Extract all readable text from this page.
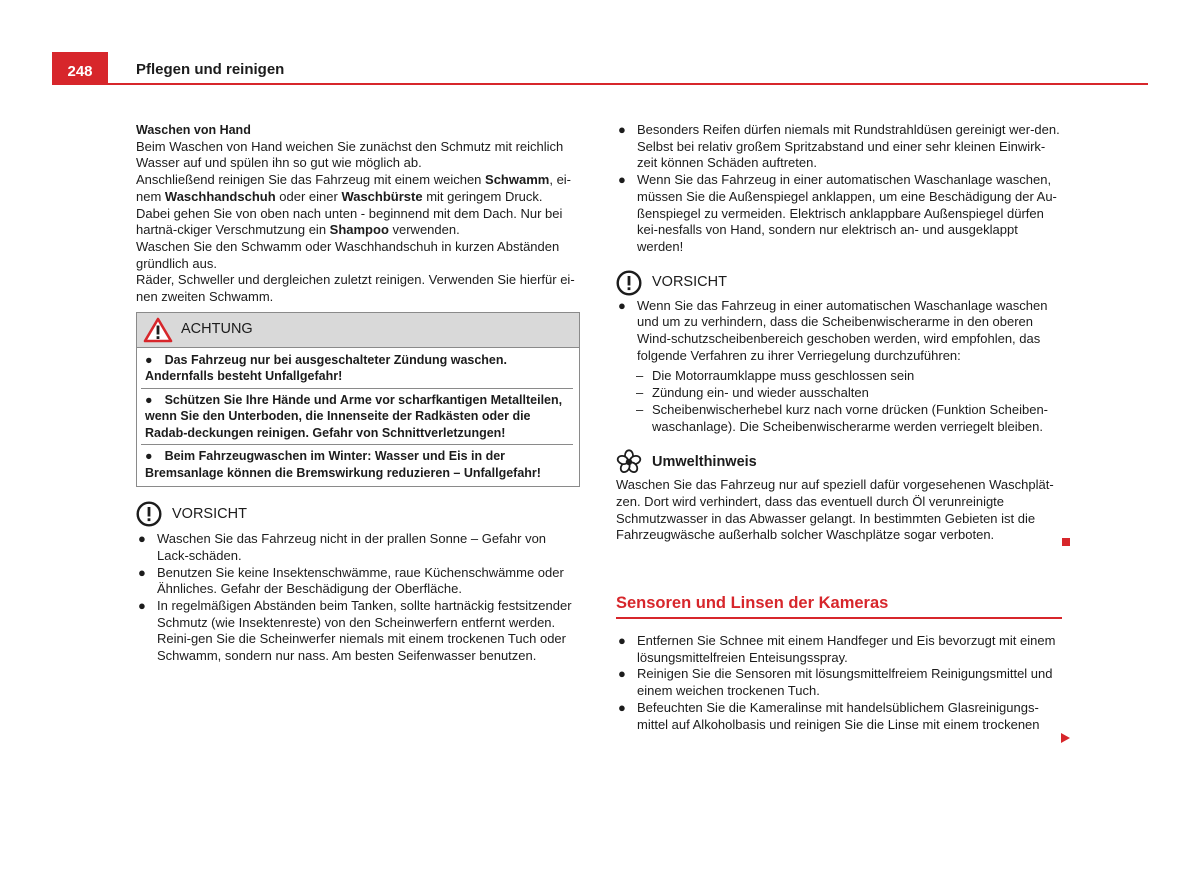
248	Pflegen und reinigen

Waschen von Hand

Beim Waschen von Hand weichen Sie zunächst den Schmutz mit reichlich Wasser auf und spülen ihn so gut wie möglich ab.

Anschließend reinigen Sie das Fahrzeug mit einem weichen Schwamm, ei-nem Waschhandschuh oder einer Waschbürste mit geringem Druck. Dabei gehen Sie von oben nach unten - beginnend mit dem Dach. Nur bei hartnä-ckiger Verschmutzung ein Shampoo verwenden.

Waschen Sie den Schwamm oder Waschhandschuh in kurzen Abständen gründlich aus.

Räder, Schweller und dergleichen zuletzt reinigen. Verwenden Sie hierfür ei-nen zweiten Schwamm.

ACHTUNG
● Das Fahrzeug nur bei ausgeschalteter Zündung waschen. Andernfalls besteht Unfallgefahr!
● Schützen Sie Ihre Hände und Arme vor scharfkantigen Metallteilen, wenn Sie den Unterboden, die Innenseite der Radkästen oder die Radab-deckungen reinigen. Gefahr von Schnittverletzungen!
● Beim Fahrzeugwaschen im Winter: Wasser und Eis in der Bremsanlage können die Bremswirkung reduzieren – Unfallgefahr!
VORSICHT

● Waschen Sie das Fahrzeug nicht in der prallen Sonne – Gefahr von Lack-schäden.

● Benutzen Sie keine Insektenschwämme, raue Küchenschwämme oder Ähnliches. Gefahr der Beschädigung der Oberfläche.

● In regelmäßigen Abständen beim Tanken, sollte hartnäckig festsitzender Schmutz (wie Insektenreste) von den Scheinwerfern entfernt werden. Reini-gen Sie die Scheinwerfer niemals mit einem trockenen Tuch oder Schwamm, sondern nur nass. Am besten Seifenwasser benutzen.

● Besonders Reifen dürfen niemals mit Rundstrahldüsen gereinigt wer-den. Selbst bei relativ großem Spritzabstand und einer sehr kleinen Einwirk-zeit können Schäden auftreten.

● Wenn Sie das Fahrzeug in einer automatischen Waschanlage waschen, müssen Sie die Außenspiegel anklappen, um eine Beschädigung der Au-ßenspiegel zu vermeiden. Elektrisch anklappbare Außenspiegel dürfen kei-nesfalls von Hand, sondern nur elektrisch an- und ausgeklappt werden!

VORSICHT

● Wenn Sie das Fahrzeug in einer automatischen Waschanlage waschen und um zu verhindern, dass die Scheibenwischerarme in den oberen Wind-schutzscheibenbereich geschoben werden, wird empfohlen, das folgende Verfahren zu ihrer Verriegelung durchzuführen:

– Die Motorraumklappe muss geschlossen sein

– Zündung ein- und wieder ausschalten

– Scheibenwischerhebel kurz nach vorne drücken (Funktion Scheiben-waschanlage). Die Scheibenwischerarme werden verriegelt bleiben.

Umwelthinweis

Waschen Sie das Fahrzeug nur auf speziell dafür vorgesehenen Waschplät-zen. Dort wird verhindert, dass das eventuell durch Öl verunreinigte Schmutzwasser in das Abwasser gelangt. In bestimmten Gebieten ist die Fahrzeugwäsche außerhalb solcher Waschplätze sogar verboten.

Sensoren und Linsen der Kameras

● Entfernen Sie Schnee mit einem Handfeger und Eis bevorzugt mit einem lösungsmittelfreien Enteisungsspray.

● Reinigen Sie die Sensoren mit lösungsmittelfreiem Reinigungsmittel und einem weichen trockenen Tuch.

● Befeuchten Sie die Kameralinse mit handelsüblichem Glasreinigungs-mittel auf Alkoholbasis und reinigen Sie die Linse mit einem trockenen
